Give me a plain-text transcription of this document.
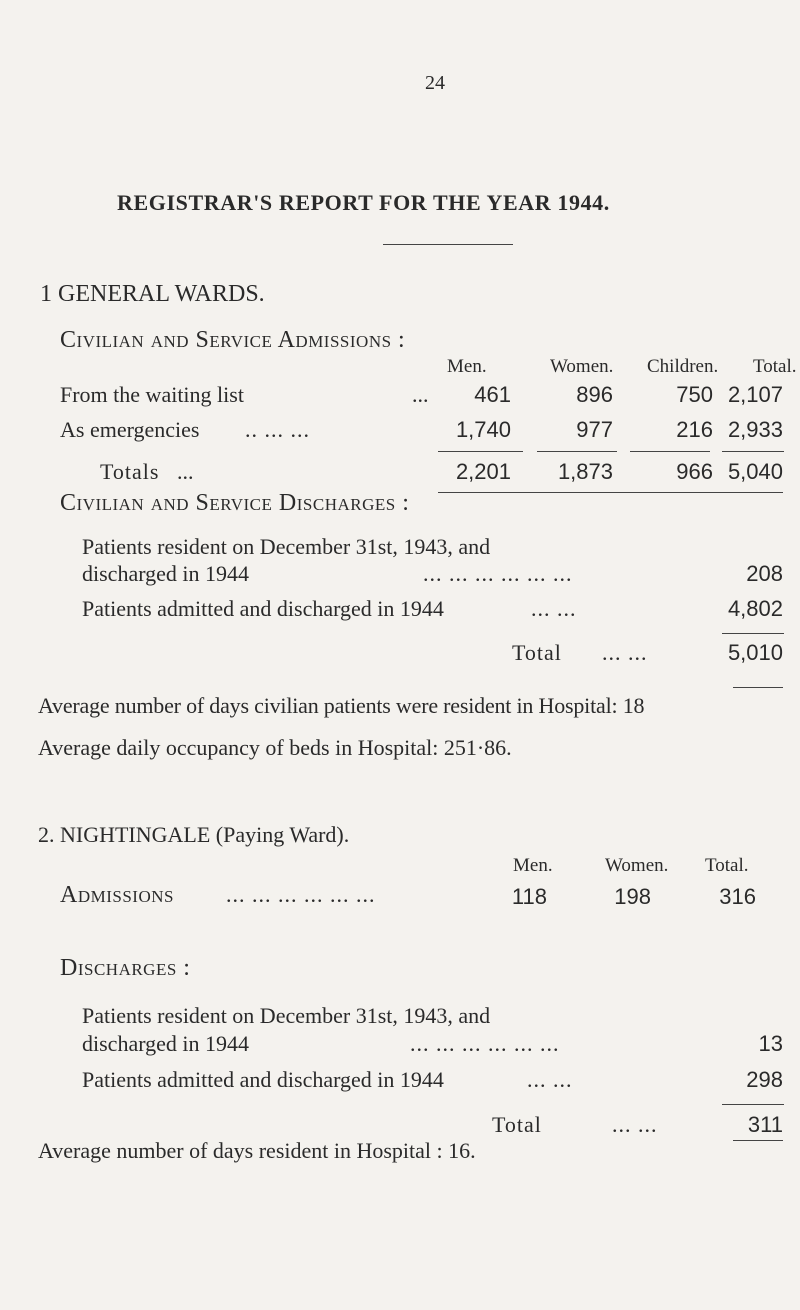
24
REGISTRAR'S REPORT FOR THE YEAR 1944.
1 GENERAL WARDS.
Civilian and Service Admissions :
Men.	Women. Children. Total.
From the waiting list	... 461	896	750 2,107
As emergencies .. ... ...	1,740	977	216 2,933
Totals ...	2,201 1,873	966 5,040
Civilian and Service Discharges :
Patients resident on December 31st, 1943, and
discharged in 1944	... ... ... ... ... ...	208
Patients admitted and discharged in 1944	... ...	4,802
Total ... ...	5,010
Average number of days civilian patients were resident in Hospital: 18
Average daily occupancy of beds in Hospital: 251·86.
2. NIGHTINGALE (Paying Ward).
Men.	Women. Total.
Admissions ... ... ... ... ... ...	118	198	316
Discharges :
Patients resident on December 31st, 1943, and
discharged in 1944	... ... ... ... ... ...	13
Patients admitted and discharged in 1944	... ...	298
Total	... ...	311
Average number of days resident in Hospital : 16.
